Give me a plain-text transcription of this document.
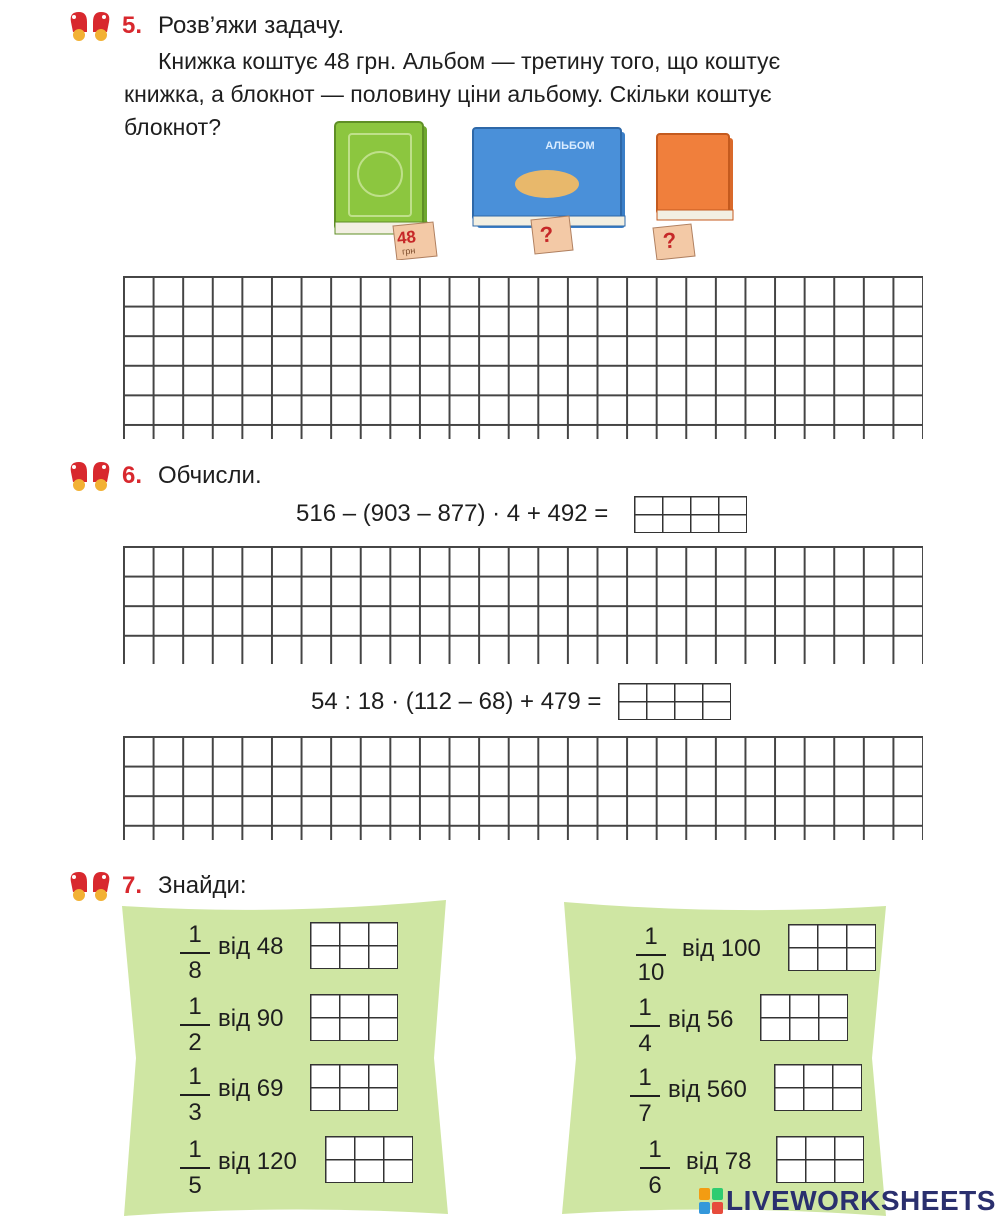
5. Розв’яжи задачу.
Книжка коштує 48 грн. Альбом — третину того, що коштує
книжка, а блокнот — половину ціни альбому. Скільки коштує
блокнот?
АЛЬБОМ
48
грн
?	?
6. Обчисли.
516 – (903 – 877) · 4 + 492 =
54 : 18 · (112 – 68) + 479 =
7. Знайди:
$\frac{1}{8}$ від 48
$\frac{1}{2}$ від 90
$\frac{1}{3}$ від 69
$\frac{1}{5}$ від 120
$\frac{1}{10}$ від 100
$\frac{1}{4}$ від 56
$\frac{1}{7}$ від 560
$\frac{1}{6}$ від 78
LIVEWORKSHEETS
